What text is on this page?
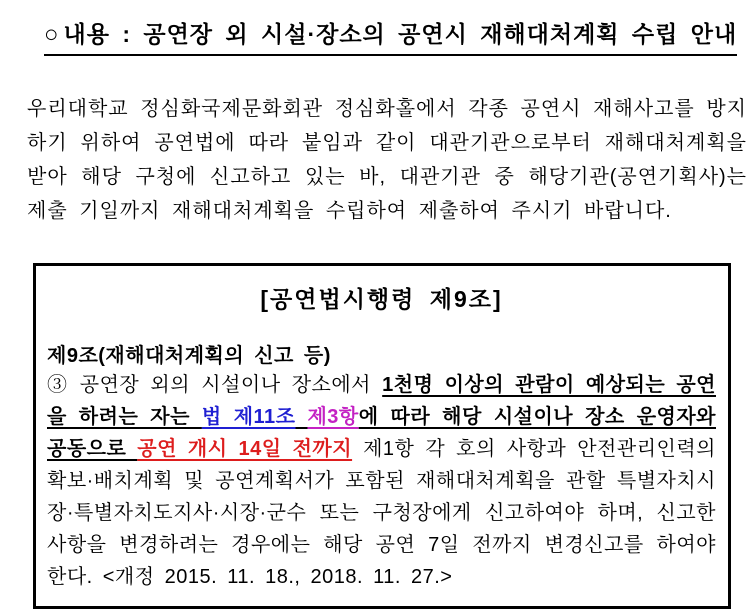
○ 내용 : 공연장 외 시설·장소의 공연시 재해대처계획 수립 안내

우리대학교 정심화국제문화회관 정심화홀에서 각종 공연시 재해사고를 방지하기 위하여 공연법에 따라 붙임과 같이 대관기관으로부터 재해대처계획을 받아 해당 구청에 신고하고 있는 바, 대관기관 중 해당기관(공연기획사)는 제출 기일까지 재해대처계획을 수립하여 제출하여 주시기 바랍니다.

[공연법시행령 제9조]
제9조(재해대처계획의 신고 등)
③ 공연장 외의 시설이나 장소에서 1천명 이상의 관람이 예상되는 공연을 하려는 자는 법 제11조 제3항에 따라 해당 시설이나 장소 운영자와 공동으로 공연 개시 14일 전까지 제1항 각 호의 사항과 안전관리인력의 확보·배치계획 및 공연계획서가 포함된 재해대처계획을 관할 특별자치시장·특별자치도지사·시장·군수 또는 구청장에게 신고하여야 하며, 신고한 사항을 변경하려는 경우에는 해당 공연 7일 전까지 변경신고를 하여야 한다. <개정 2015. 11. 18., 2018. 11. 27.>
